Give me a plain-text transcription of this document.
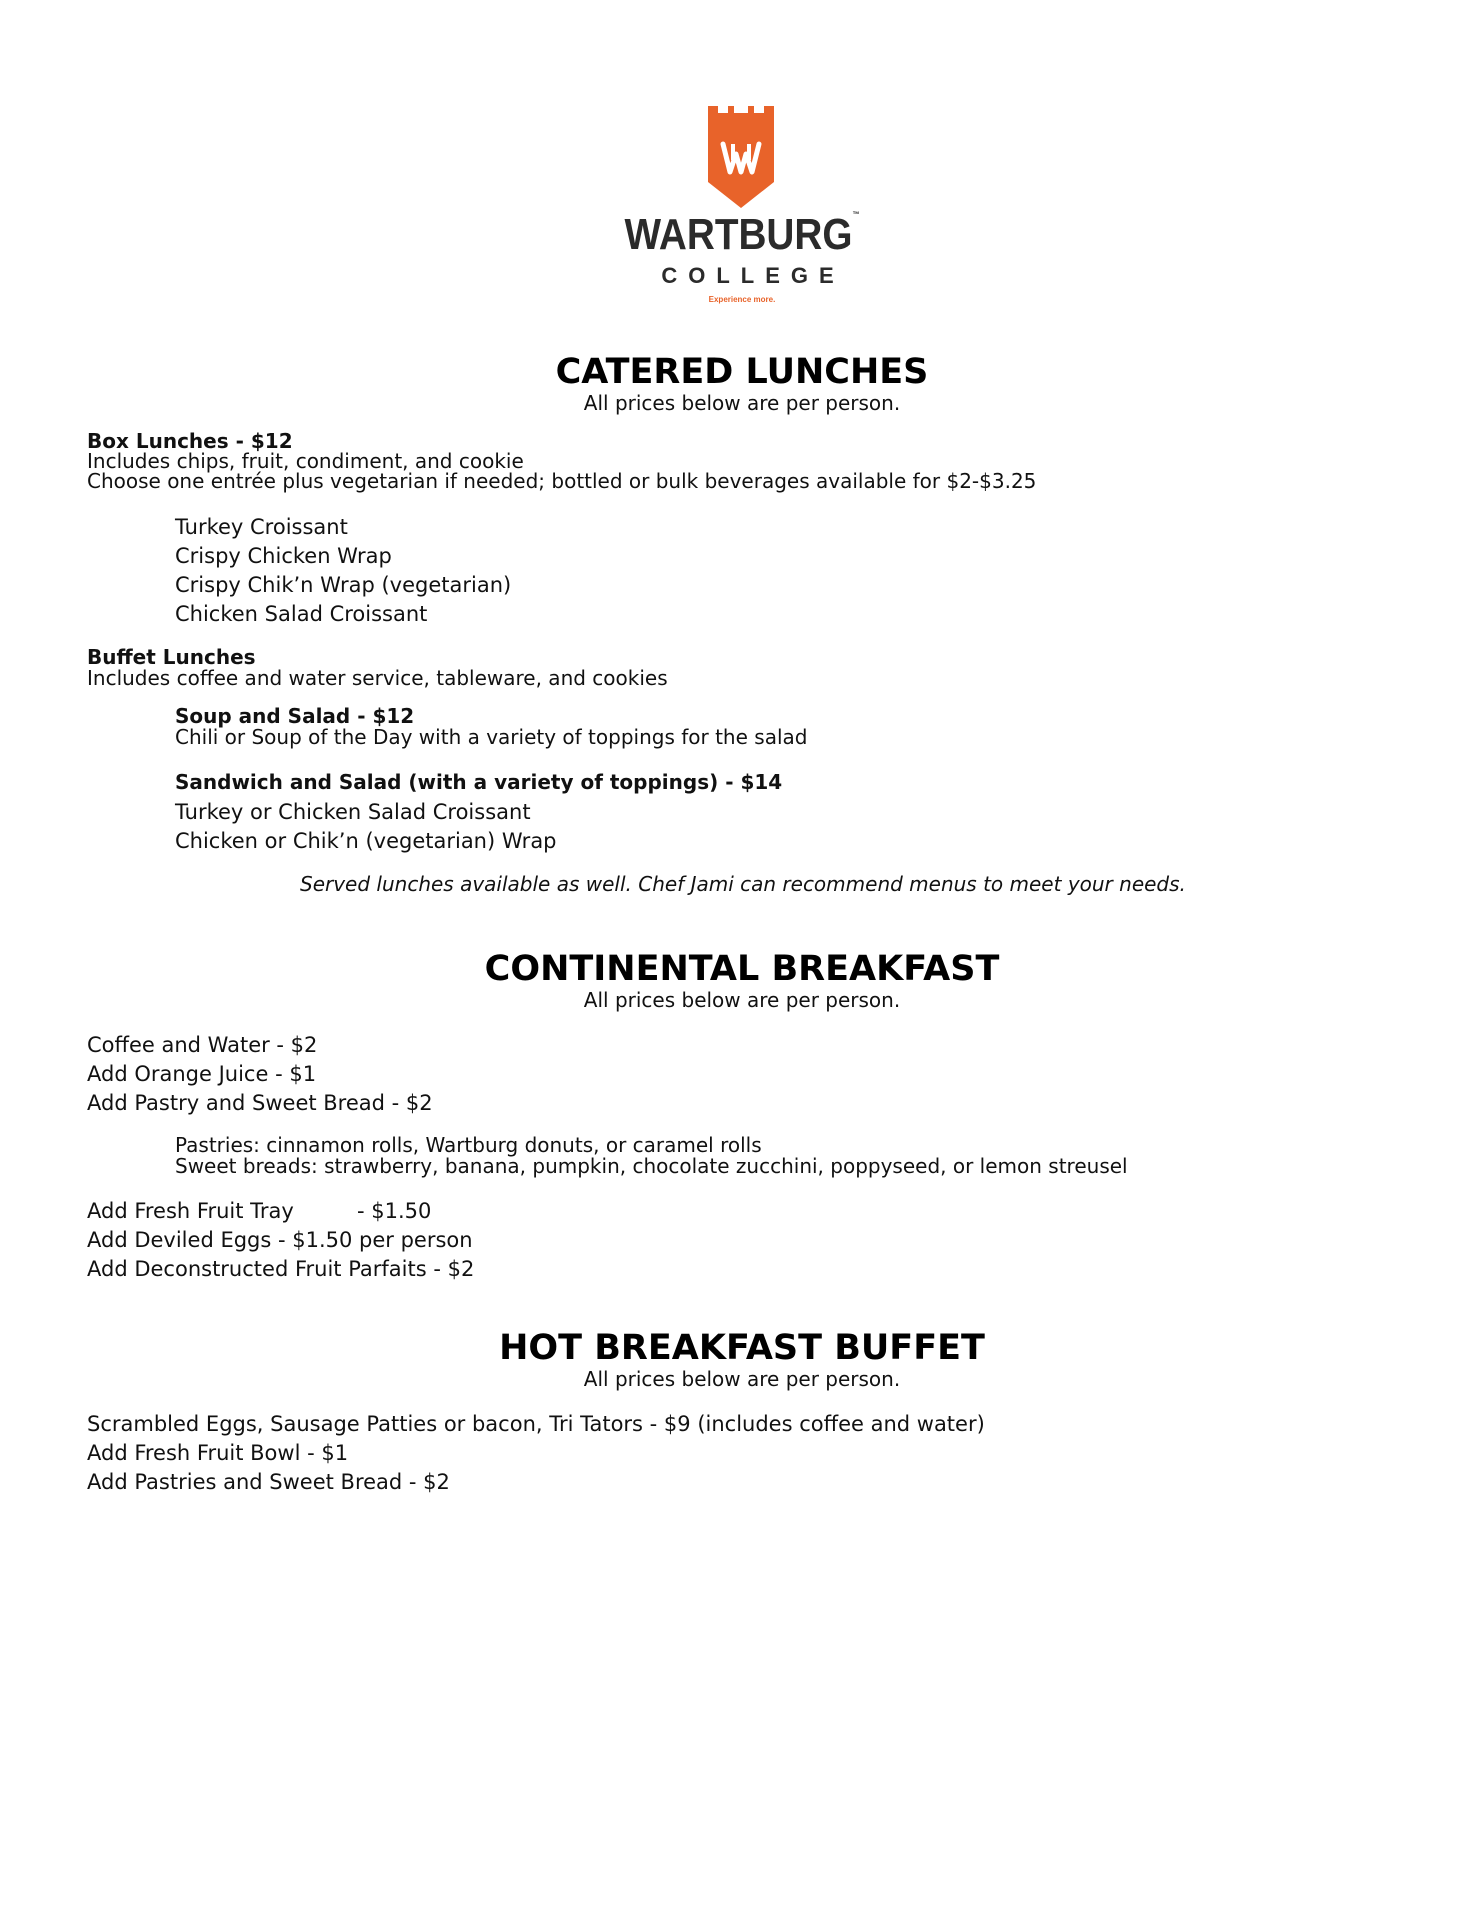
WARTBURG™
COLLEGE
Experience more.
CATERED LUNCHES
All prices below are per person.
Box Lunches - $12
Includes chips, fruit, condiment, and cookie
Choose one entrée plus vegetarian if needed; bottled or bulk beverages available for $2-$3.25
Turkey Croissant
Crispy Chicken Wrap
Crispy Chik’n Wrap (vegetarian)
Chicken Salad Croissant
Buffet Lunches
Includes coffee and water service, tableware, and cookies
Soup and Salad - $12
Chili or Soup of the Day with a variety of toppings for the salad
Sandwich and Salad (with a variety of toppings) - $14
Turkey or Chicken Salad Croissant
Chicken or Chik’n (vegetarian) Wrap
Served lunches available as well. Chef Jami can recommend menus to meet your needs.
CONTINENTAL BREAKFAST
All prices below are per person.
Coffee and Water - $2
Add Orange Juice - $1
Add Pastry and Sweet Bread - $2
Pastries: cinnamon rolls, Wartburg donuts, or caramel rolls
Sweet breads: strawberry, banana, pumpkin, chocolate zucchini, poppyseed, or lemon streusel
Add Fresh Fruit Tray	- $1.50
Add Deviled Eggs - $1.50 per person
Add Deconstructed Fruit Parfaits - $2
HOT BREAKFAST BUFFET
All prices below are per person.
Scrambled Eggs, Sausage Patties or bacon, Tri Tators - $9 (includes coffee and water)
Add Fresh Fruit Bowl - $1
Add Pastries and Sweet Bread - $2
